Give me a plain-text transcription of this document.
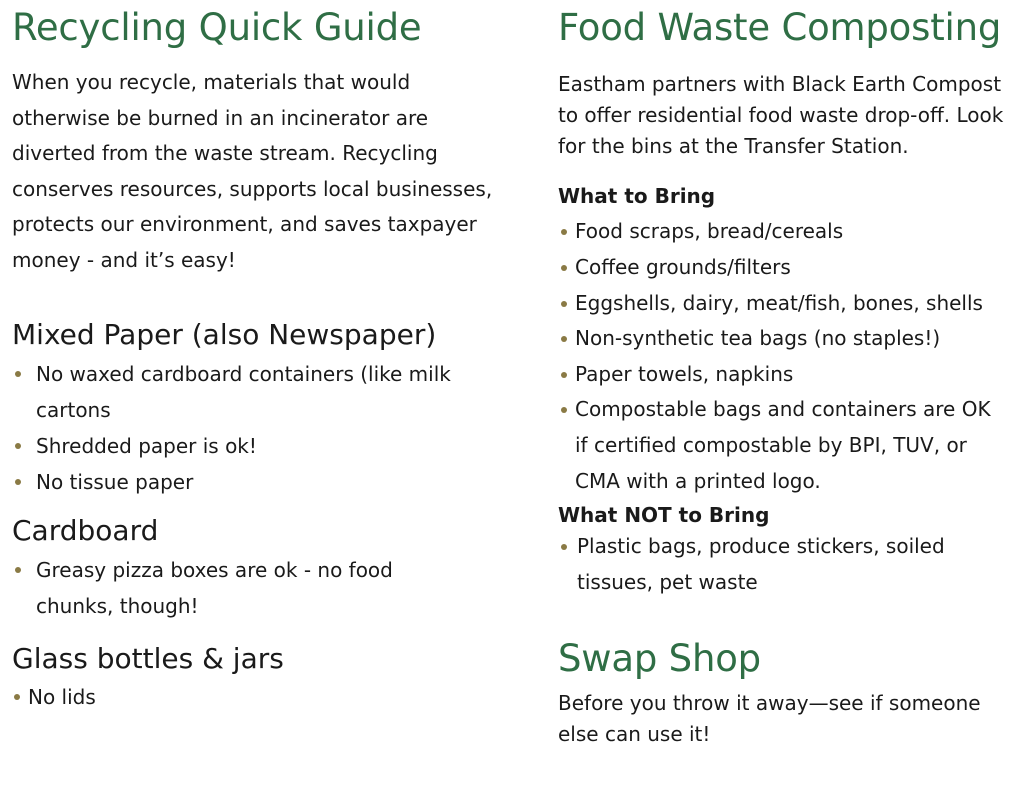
Recycling Quick Guide

When you recycle, materials that would otherwise be burned in an incinerator are diverted from the waste stream. Recycling conserves resources, supports local businesses, protects our environment, and saves taxpayer money - and it’s easy!

Mixed Paper (also Newspaper)
No waxed cardboard containers (like milk cartons
Shredded paper is ok!
No tissue paper
Cardboard
Greasy pizza boxes are ok - no food chunks, though!
Glass bottles & jars
No lids
Food Waste Composting

Eastham partners with Black Earth Compost to offer residential food waste drop-off. Look for the bins at the Transfer Station.

What to Bring
Food scraps, bread/cereals
Coffee grounds/filters
Eggshells, dairy, meat/fish, bones, shells
Non-synthetic tea bags (no staples!)
Paper towels, napkins
Compostable bags and containers are OK if certified compostable by BPI, TUV, or CMA with a printed logo.
What NOT to Bring
Plastic bags, produce stickers, soiled tissues, pet waste
Swap Shop

Before you throw it away—see if someone else can use it!
